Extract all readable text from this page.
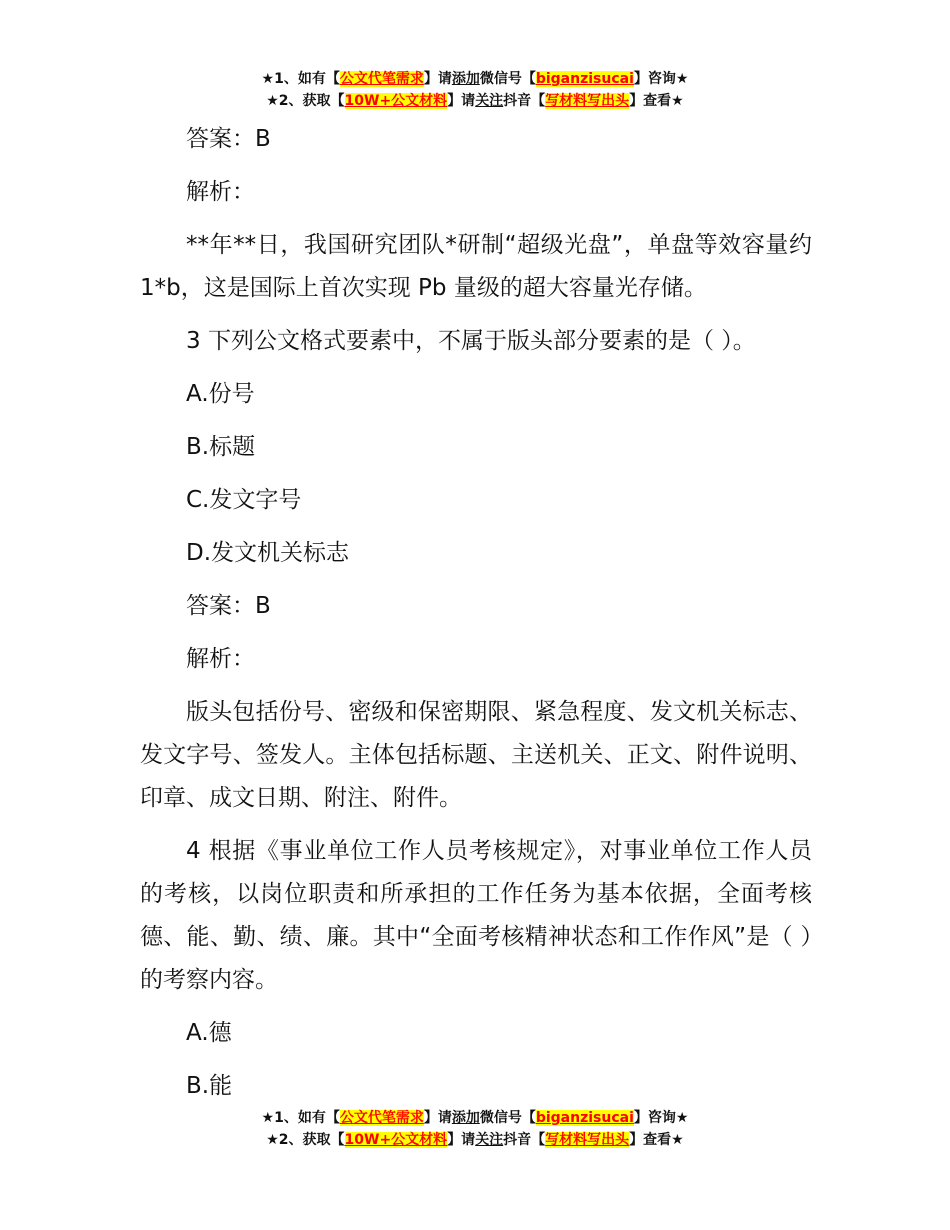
★1、如有【公文代笔需求】请添加微信号【biganzisucai】咨询★
★2、获取【10W+公文材料】请关注抖音【写材料写出头】查看★

答案：B

解析：

**年**日，我国研究团队*研制“超级光盘”，单盘等效容量约 1*b，这是国际上首次实现 Pb 量级的超大容量光存储。

3 下列公文格式要素中，不属于版头部分要素的是（ ）。

A.份号

B.标题

C.发文字号

D.发文机关标志

答案：B

解析：

版头包括份号、密级和保密期限、紧急程度、发文机关标志、发文字号、签发人。主体包括标题、主送机关、正文、附件说明、印章、成文日期、附注、附件。

4 根据《事业单位工作人员考核规定》，对事业单位工作人员的考核，以岗位职责和所承担的工作任务为基本依据，全面考核德、能、勤、绩、廉。其中“全面考核精神状态和工作作风”是（ ）的考察内容。

A.德

B.能

★1、如有【公文代笔需求】请添加微信号【biganzisucai】咨询★
★2、获取【10W+公文材料】请关注抖音【写材料写出头】查看★
